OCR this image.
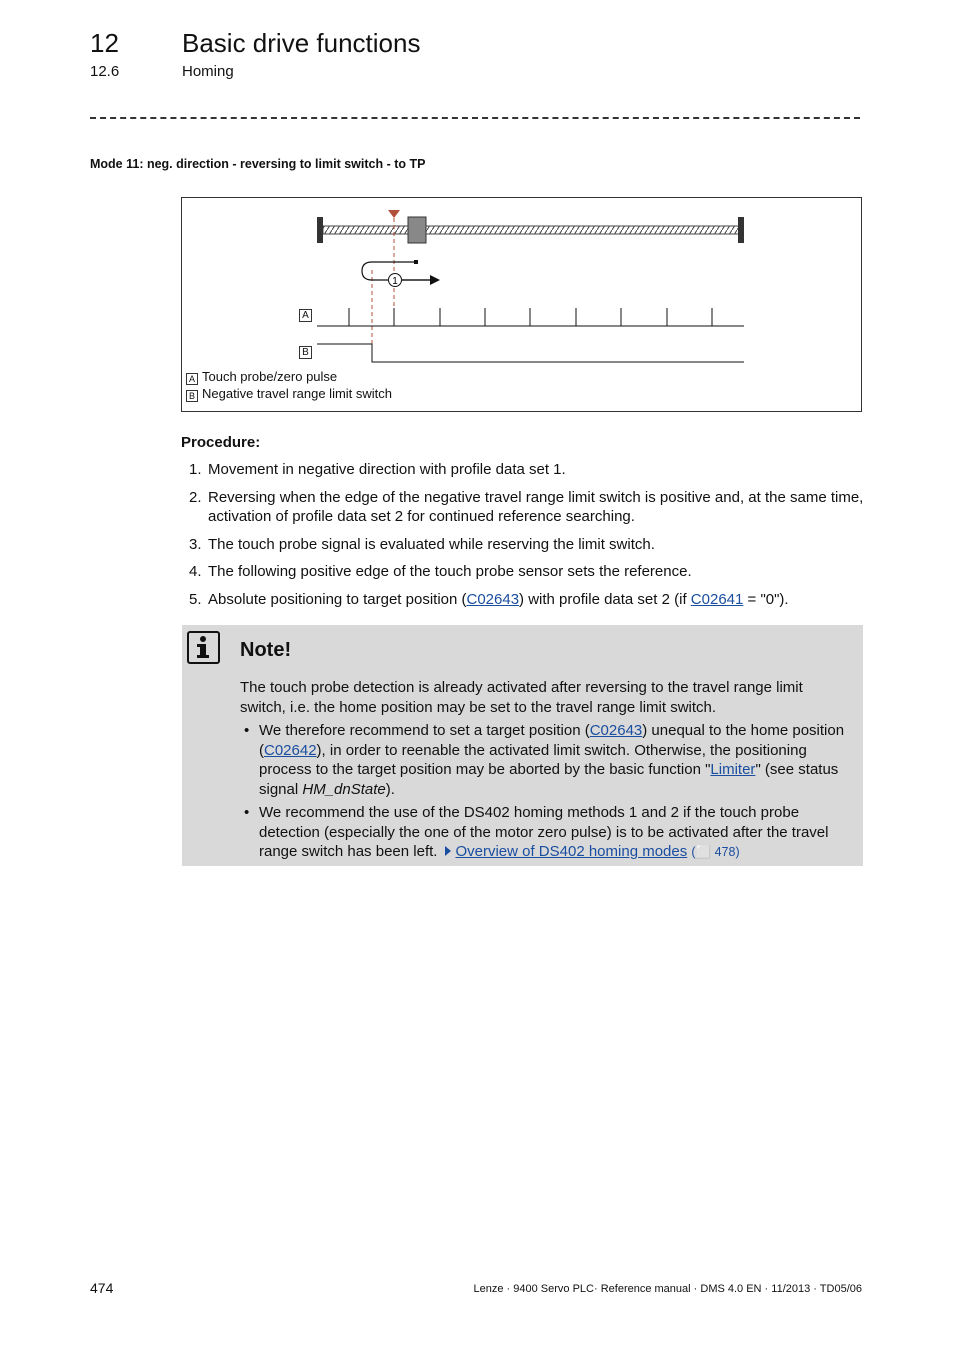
12 Basic drive functions
12.6	Homing
Mode 11: neg. direction - reversing to limit switch - to TP
1
A
B
A Touch probe/zero pulse
B Negative travel range limit switch
Procedure:
1. Movement in negative direction with profile data set 1.
2. Reversing when the edge of the negative travel range limit switch is positive and, at the same time, activation of profile data set 2 for continued reference searching.
3. The touch probe signal is evaluated while reserving the limit switch.
4. The following positive edge of the touch probe sensor sets the reference.
5. Absolute positioning to target position (C02643) with profile data set 2 (if C02641 = "0").
Note!

The touch probe detection is already activated after reversing to the travel range limit switch, i.e. the home position may be set to the travel range limit switch.

• We therefore recommend to set a target position (C02643) unequal to the home position (C02642), in order to reenable the activated limit switch. Otherwise, the positioning process to the target position may be aborted by the basic function "Limiter" (see status signal HM_dnState).
• We recommend the use of the DS402 homing methods 1 and 2 if the touch probe detection (especially the one of the motor zero pulse) is to be activated after the travel range switch has been left. Overview of DS402 homing modes (⬜ 478)
474	Lenze · 9400 Servo PLC· Reference manual · DMS 4.0 EN · 11/2013 · TD05/06
